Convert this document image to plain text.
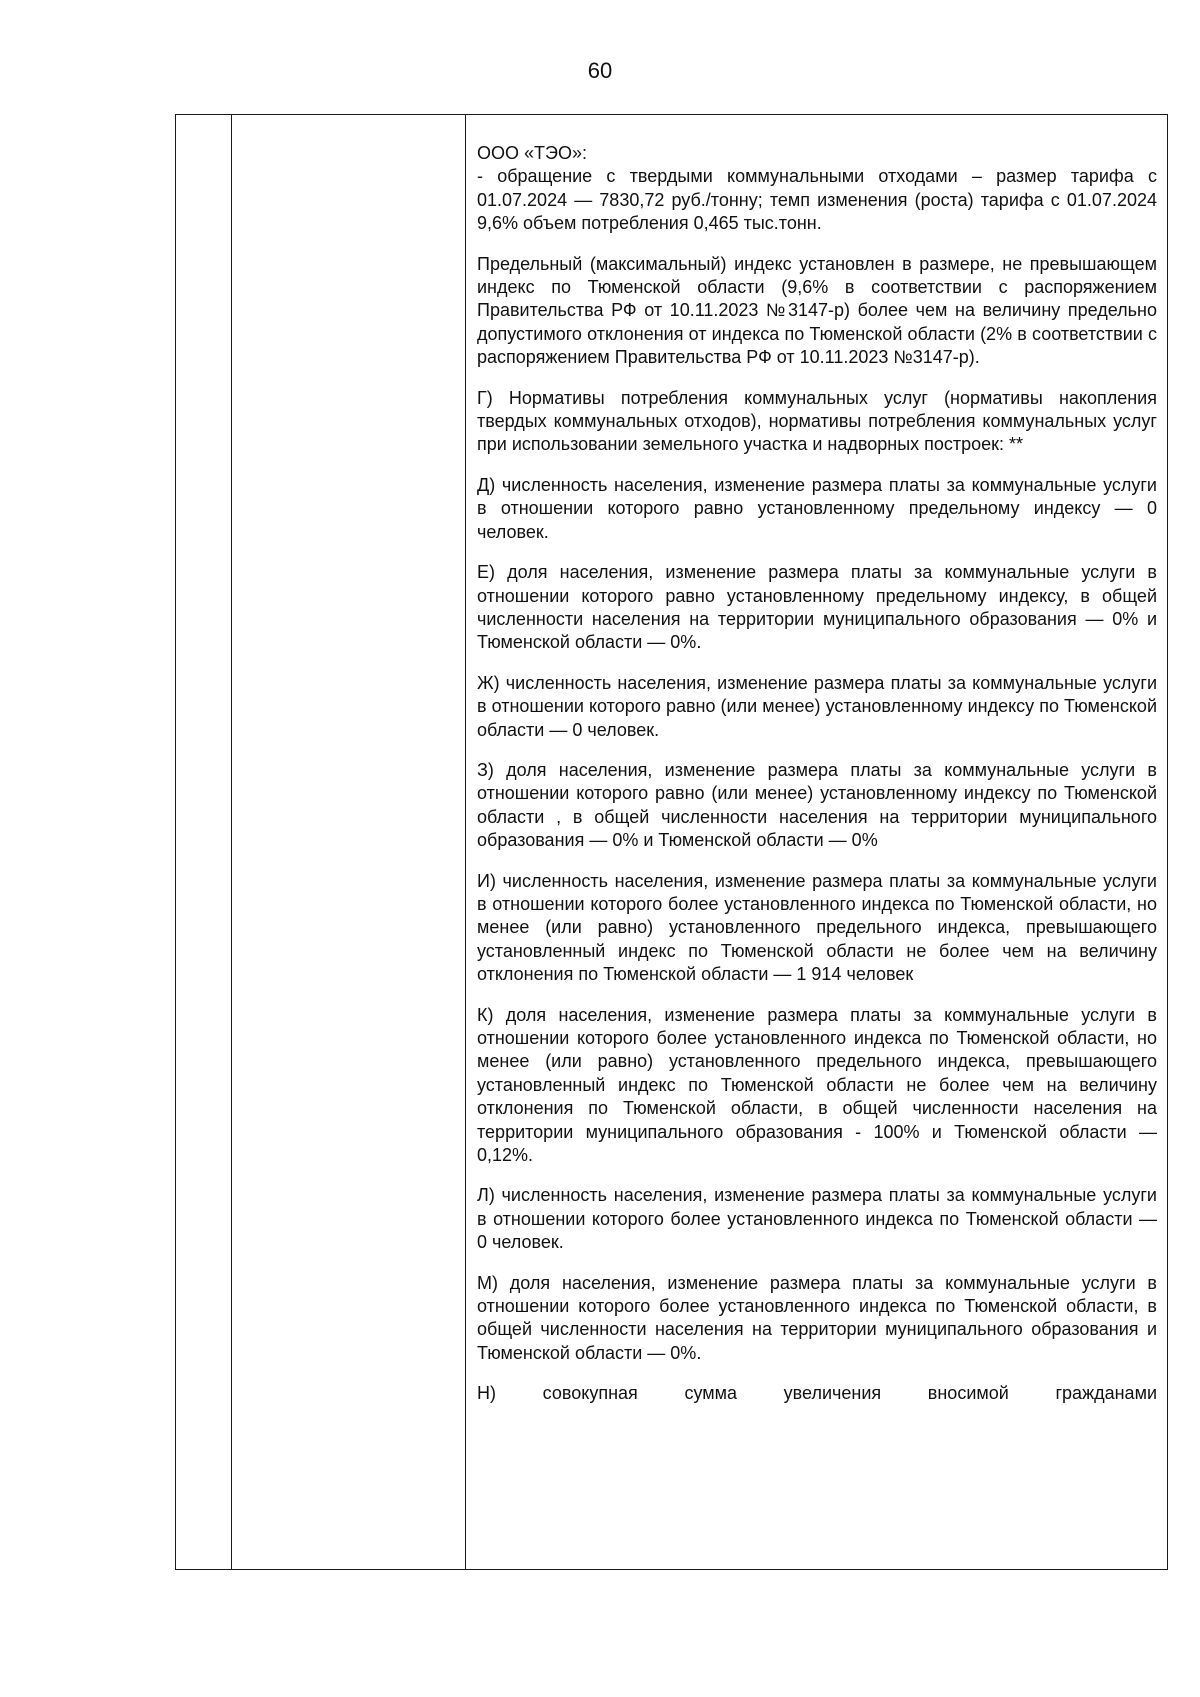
60

ООО «ТЭО»:
- обращение с твердыми коммунальными отходами – размер тарифа с 01.07.2024 — 7830,72 руб./тонну; темп изменения (роста) тарифа с 01.07.2024 9,6% объем потребления 0,465 тыс.тонн.

Предельный (максимальный) индекс установлен в размере, не превышающем индекс по Тюменской области (9,6% в соответствии с распоряжением Правительства РФ от 10.11.2023 №3147-р) более чем на величину предельно допустимого отклонения от индекса по Тюменской области (2% в соответствии с распоряжением Правительства РФ от 10.11.2023 №3147-р).

Г) Нормативы потребления коммунальных услуг (нормативы накопления твердых коммунальных отходов), нормативы потребления коммунальных услуг при использовании земельного участка и надворных построек: **

Д) численность населения, изменение размера платы за коммунальные услуги в отношении которого равно установленному предельному индексу — 0 человек.

Е) доля населения, изменение размера платы за коммунальные услуги в отношении которого равно установленному предельному индексу, в общей численности населения на территории муниципального образования — 0% и Тюменской области — 0%.

Ж) численность населения, изменение размера платы за коммунальные услуги в отношении которого равно (или менее) установленному индексу по Тюменской области — 0 человек.

З) доля населения, изменение размера платы за коммунальные услуги в отношении которого равно (или менее) установленному индексу по Тюменской области , в общей численности населения на территории муниципального образования — 0% и Тюменской области — 0%

И) численность населения, изменение размера платы за коммунальные услуги в отношении которого более установленного индекса по Тюменской области, но менее (или равно) установленного предельного индекса, превышающего установленный индекс по Тюменской области не более чем на величину отклонения по Тюменской области — 1 914 человек

К) доля населения, изменение размера платы за коммунальные услуги в отношении которого более установленного индекса по Тюменской области, но менее (или равно) установленного предельного индекса, превышающего установленный индекс по Тюменской области не более чем на величину отклонения по Тюменской области, в общей численности населения на территории муниципального образования - 100% и Тюменской области — 0,12%.

Л) численность населения, изменение размера платы за коммунальные услуги в отношении которого более установленного индекса по Тюменской области — 0 человек.

М) доля населения, изменение размера платы за коммунальные услуги в отношении которого более установленного индекса по Тюменской области, в общей численности населения на территории муниципального образования и Тюменской области — 0%.

Н) совокупная сумма увеличения вносимой гражданами
